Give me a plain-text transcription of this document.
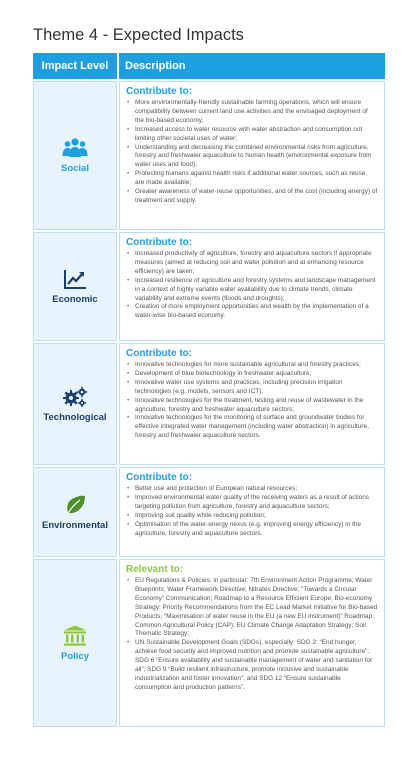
Theme 4 - Expected Impacts
Impact Level	Description
Social
Contribute to:
• More environmentally-friendly sustainable farming operations, which will ensure compatibility between current land use activities and the envisaged deployment of the bio-based economy;
• Increased access to water resource with water abstraction and consumption not limiting other societal uses of water;
• Understanding and decreasing the combined environmental risks from agriculture, forestry and freshwater aquaculture to human health (environmental exposure from water uses and food);
• Protecting humans against health risks if additional water sources, such as reuse, are made available;
• Greater awareness of water-reuse opportunities, and of the cost (including energy) of treatment and supply.
Economic
Contribute to:
• Increased productivity of agriculture, forestry and aquaculture sectors if appropriate measures (aimed at reducing soil and water pollution and at enhancing resource efficiency) are taken;
• Increased resilience of agriculture and forestry systems and landscape management in a context of highly variable water availability due to climate trends, climate variability and extreme events (floods and droughts);
• Creation of more employment opportunities and wealth by the implementation of a water-wise bio-based economy.
Technological
Contribute to:
• Innovative technologies for more sustainable agricultural and forestry practices;
• Development of blue biotechnology in freshwater aquaculture;
• Innovative water use systems and practices, including precision irrigation technologies (e.g. models, sensors and ICT);
• Innovative technologies for the treatment, testing and reuse of wastewater in the agriculture, forestry and freshwater aquaculture sectors;
• Innovative technologies for the monitoring of surface and groundwater bodies for effective integrated water management (including water abstraction) in agriculture, forestry and freshwater aquaculture sectors.
Environmental
Contribute to:
• Better use and protection of European natural resources;
• Improved environmental water quality of the receiving waters as a result of actions targeting pollution from agriculture, forestry and aquaculture sectors;
• Improving soil quality while reducing pollution;
• Optimisation of the water-energy nexus (e.g. improving energy efficiency) in the agriculture, forestry and aquaculture sectors.
Policy
Relevant to:
• EU Regulations & Policies, in particular: 7th Environment Action Programme; Water Blueprints; Water Framework Directive; Nitrates Directive; “Towards a Circular Economy” Communication; Roadmap to a Resource Efficient Europe; Bio-economy Strategy; Priority Recommendations from the EC Lead Market Initiative for Bio-based Products; “Maximisation of water reuse in the EU (a new EU instrument)” Roadmap; Common Agricultural Policy (CAP); EU Climate Change Adaptation Strategy; Soil Thematic Strategy;
• UN Sustainable Development Goals (SDGs), especially: SDG 2: “End hunger, achieve food security and improved nutrition and promote sustainable agriculture”; SDG 6 “Ensure availability and sustainable management of water and sanitation for all”; SDG 9 “Build resilient infrastructure, promote inclusive and sustainable industrialization and foster innovation”; and SDG 12 “Ensure sustainable consumption and production patterns”.
